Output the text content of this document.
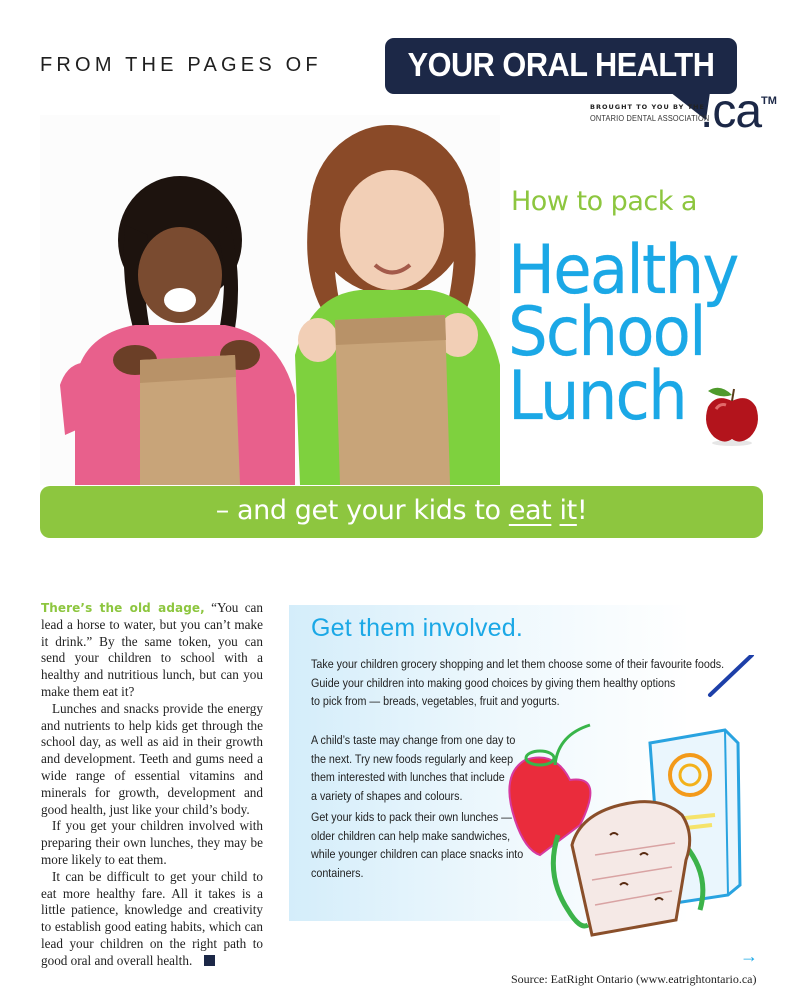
FROM THE PAGES OF	YOUR ORAL HEALTH
BROUGHT TO YOU BY THE
ONTARIO DENTAL ASSOCIATION
.ca TM
How to pack a
Healthy
School
Lunch
– and get your kids to eat it!

There’s the old adage, “You can lead a horse to water, but you can’t make it drink.” By the same token, you can send your children to school with a healthy and nutritious lunch, but can you make them eat it?

Lunches and snacks provide the energy and nutrients to help kids get through the school day, as well as aid in their growth and development. Teeth and gums need a wide range of essential vitamins and minerals for growth, development and good health, just like your child’s body.

If you get your children involved with preparing their own lunches, they may be more likely to eat them.

It can be difficult to get your child to eat more healthy fare. All it takes is a little patience, knowledge and creativity to establish good eating habits, which can lead your children on the right path to good oral and overall health.

Get them involved.
Take your children grocery shopping and let them choose some of their favourite foods.
Guide your children into making good choices by giving them healthy options
to pick from — breads, vegetables, fruit and yogurts.
A child’s taste may change from one day to
the next. Try new foods regularly and keep
them interested with lunches that include
a variety of shapes and colours.
Get your kids to pack their own lunches —
older children can help make sandwiches,
while younger children can place snacks into
containers.
→
Source: EatRight Ontario (www.eatrightontario.ca)
